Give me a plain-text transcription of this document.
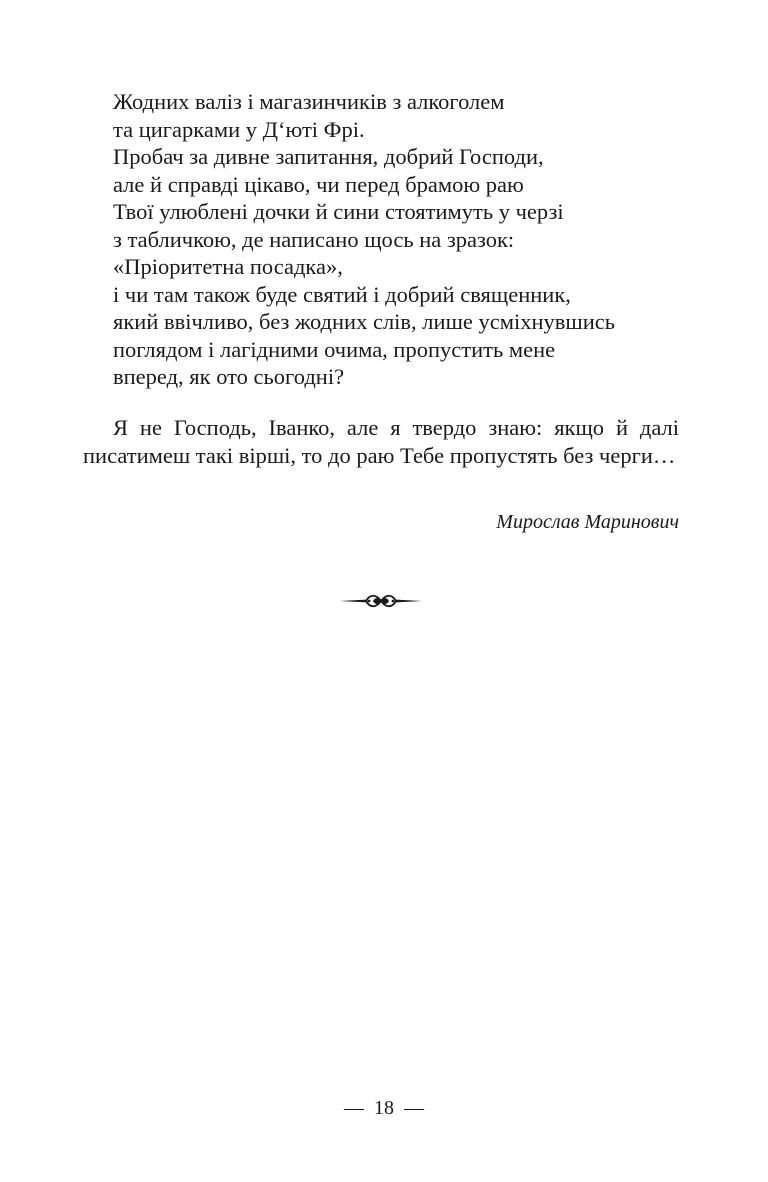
Жодних валіз і магазинчиків з алкоголем
та цигарками у Д‘юті Фрі.
Пробач за дивне запитання, добрий Господи,
але й справді цікаво, чи перед брамою раю
Твої улюблені дочки й сини стоятимуть у черзі
з табличкою, де написано щось на зразок:
«Пріоритетна посадка»,
і чи там також буде святий і добрий священник,
який ввічливо, без жодних слів, лише усміхнувшись
поглядом і лагідними очима, пропустить мене
вперед, як ото сьогодні?

Я не Господь, Іванко, але я твердо знаю: якщо й далі писатимеш такі вірші, то до раю Тебе пропустять без черги…

Мирослав Маринович
—  18  —
